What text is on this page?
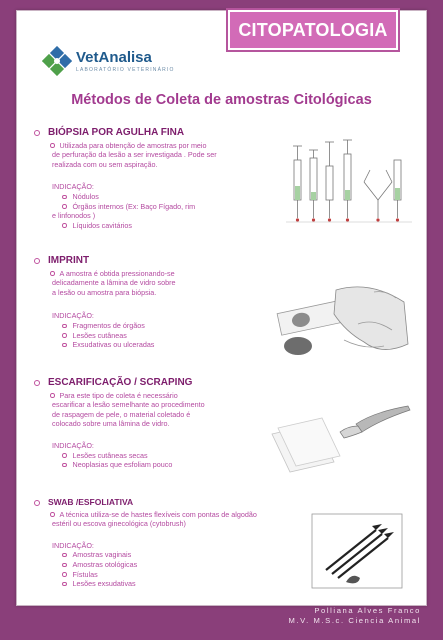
CITOPATOLOGIA
VetAnalisa
LABORATÓRIO VETERINÁRIO
Métodos de Coleta de amostras Citológicas
BIÓPSIA POR AGULHA FINA
Utilizada para obtenção de amostras por meio
de perfuração da lesão a ser investigada . Pode ser
realizada com ou sem aspiração.
INDICAÇÃO:
Nódulos
Órgãos internos (Ex: Baço Fígado, rim
e linfonodos )
Líquidos cavitários
IMPRINT
A amostra é obtida pressionando-se
delicadamente a lâmina de vidro sobre
a lesão ou amostra para biópsia.
INDICAÇÃO:
Fragmentos de órgãos
Lesões cutâneas
Exsudativas ou ulceradas
ESCARIFICAÇÃO / SCRAPING
Para este tipo de coleta é necessário
escarificar a lesão semelhante ao procedimento
de raspagem de pele, o material coletado é
colocado sobre uma lâmina de vidro.
INDICAÇÃO:
Lesões cutâneas secas
Neoplasias que esfoliam pouco
SWAB /ESFOLIATIVA
A técnica utiliza-se de hastes flexíveis com pontas de algodão
estéril ou escova ginecológica (cytobrush)
INDICAÇÃO:
Amostras vaginais
Amostras otológicas
Fístulas
Lesões exsudativas
Polliana Alves Franco
M.V. M.S.c. Ciencia Animal
